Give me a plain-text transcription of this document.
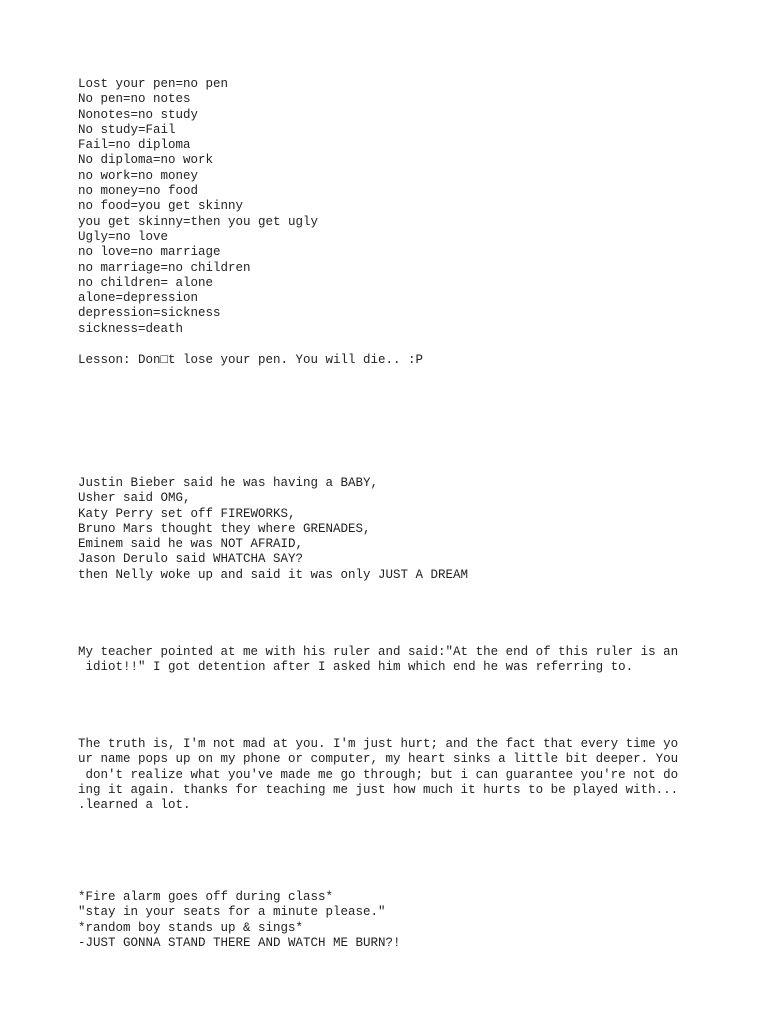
Lost your pen=no pen
No pen=no notes
Nonotes=no study
No study=Fail
Fail=no diploma
No diploma=no work
no work=no money
no money=no food
no food=you get skinny
you get skinny=then you get ugly
Ugly=no love
no love=no marriage
no marriage=no children
no children= alone
alone=depression
depression=sickness
sickness=death
Lesson: Don□t lose your pen. You will die.. :P
Justin Bieber said he was having a BABY,
Usher said OMG,
Katy Perry set off FIREWORKS,
Bruno Mars thought they where GRENADES,
Eminem said he was NOT AFRAID,
Jason Derulo said WHATCHA SAY?
then Nelly woke up and said it was only JUST A DREAM
My teacher pointed at me with his ruler and said:"At the end of this ruler is an
idiot!!" I got detention after I asked him which end he was referring to.
The truth is, I'm not mad at you. I'm just hurt; and the fact that every time yo
ur name pops up on my phone or computer, my heart sinks a little bit deeper. You
don't realize what you've made me go through; but i can guarantee you're not do
ing it again. thanks for teaching me just how much it hurts to be played with...
.learned a lot.
*Fire alarm goes off during class*
"stay in your seats for a minute please."
*random boy stands up & sings*
-JUST GONNA STAND THERE AND WATCH ME BURN?!
